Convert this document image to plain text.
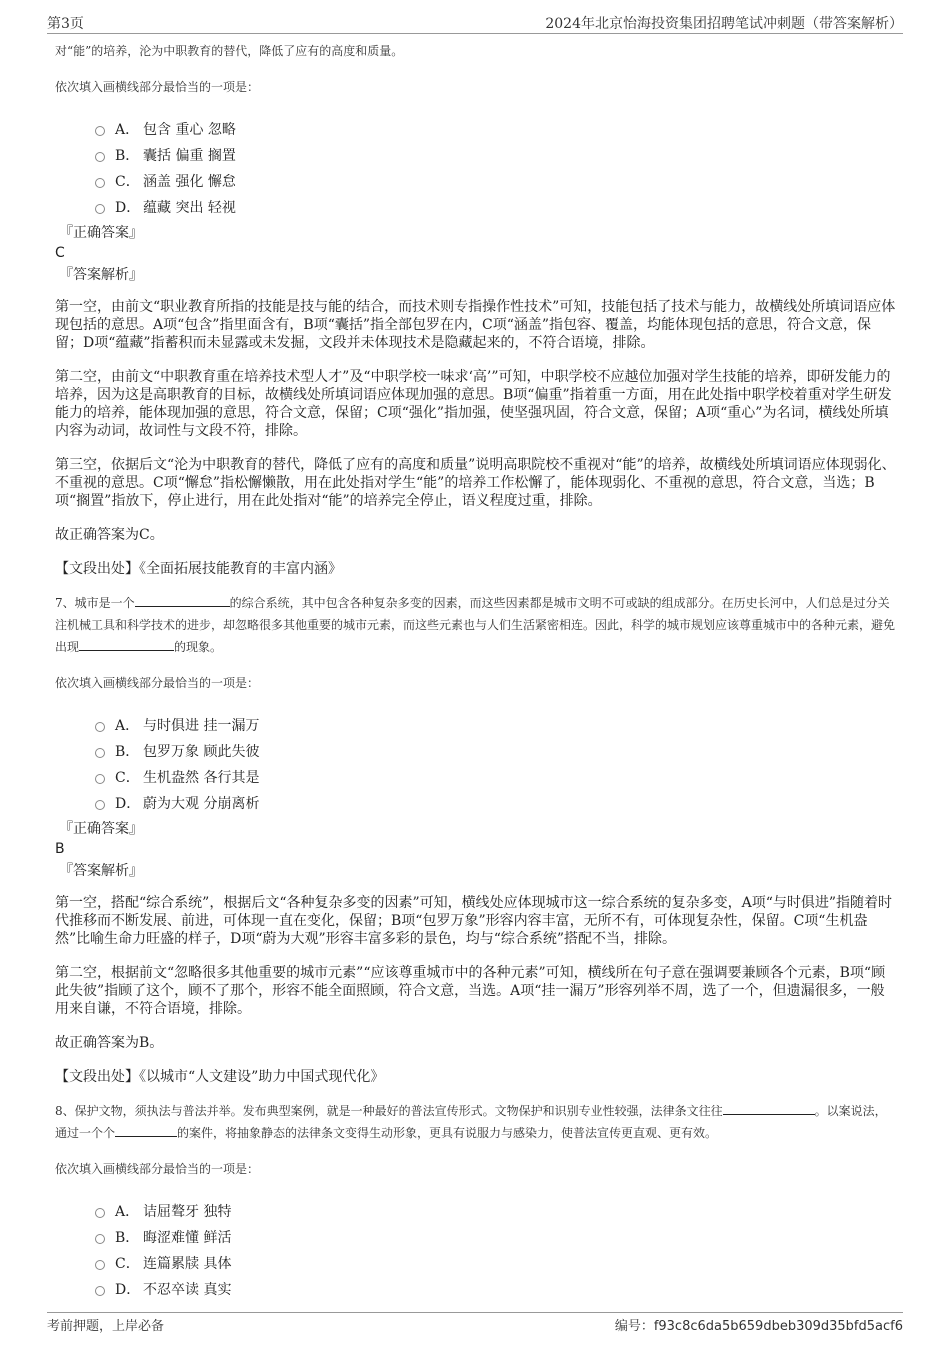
第3页	2024年北京怡海投资集团招聘笔试冲刺题（带答案解析）

对“能”的培养，沦为中职教育的替代，降低了应有的高度和质量。

依次填入画横线部分最恰当的一项是：

A． 包含 重心 忽略
B． 囊括 偏重 搁置
C． 涵盖 强化 懈怠
D． 蕴藏 突出 轻视
『正确答案』
C
『答案解析』

第一空，由前文“职业教育所指的技能是技与能的结合，而技术则专指操作性技术”可知，技能包括了技术与能力，故横线处所填词语应体现包括的意思。A项“包含”指里面含有，B项“囊括”指全部包罗在内，C项“涵盖”指包容、覆盖，均能体现包括的意思，符合文意，保留；D项“蕴藏”指蓄积而未显露或未发掘，文段并未体现技术是隐藏起来的，不符合语境，排除。

第二空，由前文“中职教育重在培养技术型人才”及“中职学校一味求‘高’”可知，中职学校不应越位加强对学生技能的培养，即研发能力的培养，因为这是高职教育的目标，故横线处所填词语应体现加强的意思。B项“偏重”指着重一方面，用在此处指中职学校着重对学生研发能力的培养，能体现加强的意思，符合文意，保留；C项“强化”指加强，使坚强巩固，符合文意，保留；A项“重心”为名词，横线处所填内容为动词，故词性与文段不符，排除。

第三空，依据后文“沦为中职教育的替代，降低了应有的高度和质量”说明高职院校不重视对“能”的培养，故横线处所填词语应体现弱化、不重视的意思。C项“懈怠”指松懈懒散，用在此处指对学生“能”的培养工作松懈了，能体现弱化、不重视的意思，符合文意，当选；B项“搁置”指放下，停止进行，用在此处指对“能”的培养完全停止，语义程度过重，排除。

故正确答案为C。

【文段出处】《全面拓展技能教育的丰富内涵》

7、城市是一个	的综合系统，其中包含各种复杂多变的因素，而这些因素都是城市文明不可或缺的组成部分。在历史长河中，人们总是过分关注机械工具和科学技术的进步，却忽略很多其他重要的城市元素，而这些元素也与人们生活紧密相连。因此，科学的城市规划应该尊重城市中的各种元素，避免出现	的现象。

依次填入画横线部分最恰当的一项是：

A． 与时俱进 挂一漏万
B． 包罗万象 顾此失彼
C． 生机盎然 各行其是
D． 蔚为大观 分崩离析
『正确答案』
B
『答案解析』

第一空，搭配“综合系统”，根据后文“各种复杂多变的因素”可知，横线处应体现城市这一综合系统的复杂多变，A项“与时俱进”指随着时代推移而不断发展、前进，可体现一直在变化，保留；B项“包罗万象”形容内容丰富，无所不有，可体现复杂性，保留。C项“生机盎然”比喻生命力旺盛的样子，D项“蔚为大观”形容丰富多彩的景色，均与“综合系统”搭配不当，排除。

第二空，根据前文“忽略很多其他重要的城市元素”“应该尊重城市中的各种元素”可知，横线所在句子意在强调要兼顾各个元素，B项“顾此失彼”指顾了这个，顾不了那个，形容不能全面照顾，符合文意，当选。A项“挂一漏万”形容列举不周，选了一个，但遗漏很多，一般用来自谦，不符合语境，排除。

故正确答案为B。

【文段出处】《以城市“人文建设”助力中国式现代化》

8、保护文物，须执法与普法并举。发布典型案例，就是一种最好的普法宣传形式。文物保护和识别专业性较强，法律条文往往	。以案说法，通过一个个	的案件，将抽象静态的法律条文变得生动形象，更具有说服力与感染力，使普法宣传更直观、更有效。

依次填入画横线部分最恰当的一项是：

A． 诘屈聱牙 独特
B． 晦涩难懂 鲜活
C． 连篇累牍 具体
D． 不忍卒读 真实
考前押题，上岸必备	编号：f93c8c6da5b659dbeb309d35bfd5acf6
